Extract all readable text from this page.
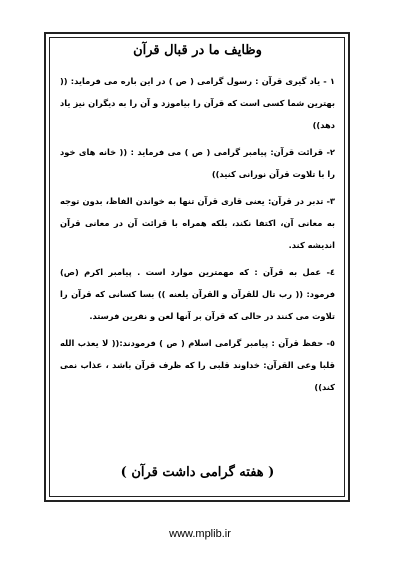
وظایف ما در قبال قرآن

۱ - یاد گیری قرآن : رسول گرامی ( ص ) در این باره می فرماید: (( بهترین شما کسی است که قرآن را بیاموزد و آن را به دیگران نیز یاد دهد))

۲- قرائت قرآن: پیامبر گرامی ( ص ) می فرماید : (( خانه های خود را با تلاوت قرآن نورانی کنید))

۳- تدبر در قرآن: یعنی قاری قرآن تنها به خواندن الفاظ، بدون توجه به معانی آن، اکتفا نکند، بلکه همراه با قرائت آن در معانی قرآن اندیشه کند.

٤- عمل به قرآن : که مهمترین موارد است . پیامبر اکرم (ص) فرمود: (( رب تال للقرآن و القرآن یلعنه )) بسا کسانی که قرآن را تلاوت می کنند در حالی که قرآن بر آنها لعن و نفرین فرستد.

٥- حفظ قرآن : پیامبر گرامی اسلام ( ص ) فرمودند:(( لا یعذب الله قلبا وعی القرآن: خداوند قلبی را که ظرف قرآن باشد ، عذاب نمی کند))

( هفته گرامی داشت قرآن )
www.mplib.ir
